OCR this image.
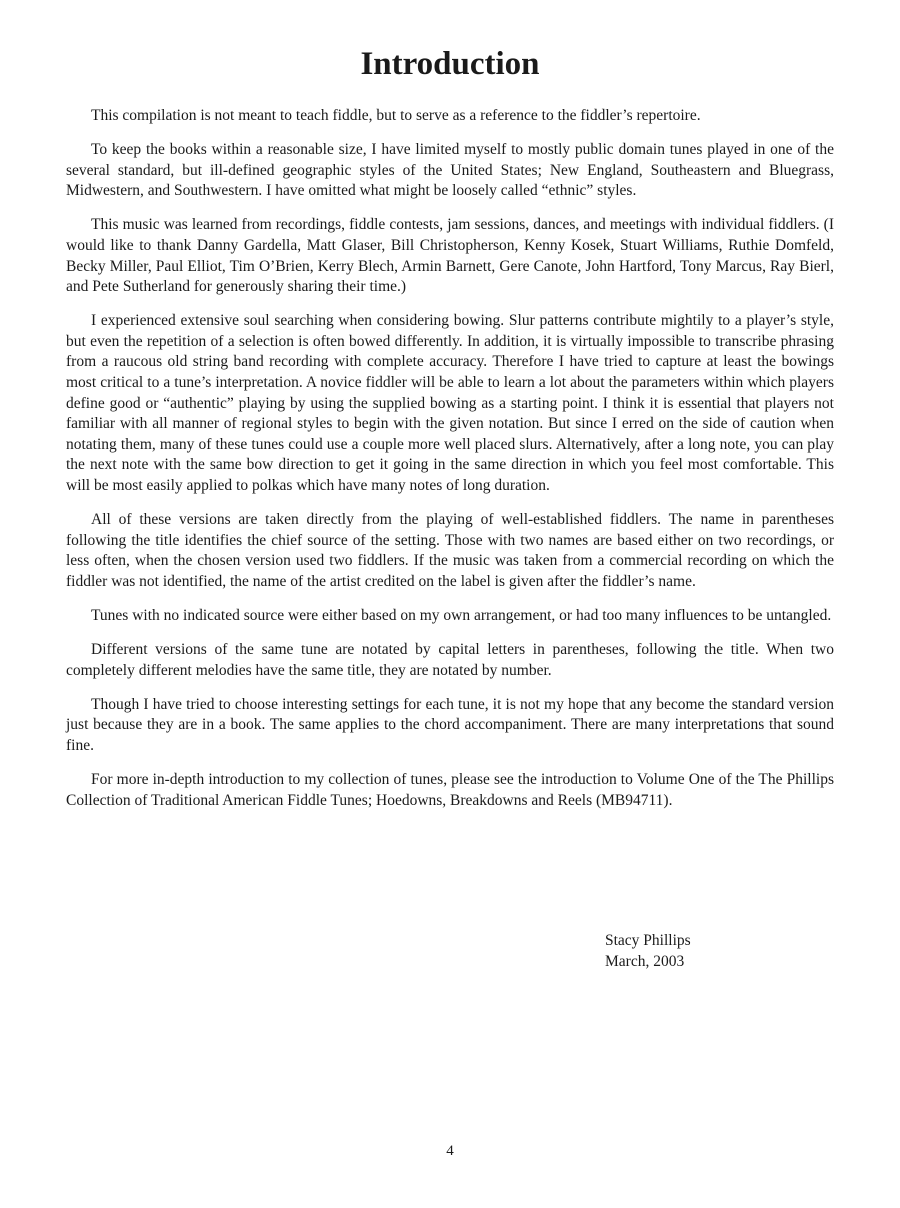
Introduction

This compilation is not meant to teach fiddle, but to serve as a reference to the fiddler’s repertoire.

To keep the books within a reasonable size, I have limited myself to mostly public domain tunes played in one of the several standard, but ill-defined geographic styles of the United States; New England, Southeastern and Bluegrass, Midwestern, and Southwestern. I have omitted what might be loosely called “ethnic” styles.

This music was learned from recordings, fiddle contests, jam sessions, dances, and meetings with individual fiddlers. (I would like to thank Danny Gardella, Matt Glaser, Bill Christopherson, Kenny Kosek, Stuart Williams, Ruthie Domfeld, Becky Miller, Paul Elliot, Tim O’Brien, Kerry Blech, Armin Barnett, Gere Canote, John Hartford, Tony Marcus, Ray Bierl, and Pete Sutherland for generously sharing their time.)

I experienced extensive soul searching when considering bowing. Slur patterns contribute mightily to a player’s style, but even the repetition of a selection is often bowed differently. In addition, it is virtually impossible to transcribe phrasing from a raucous old string band recording with complete accuracy. Therefore I have tried to capture at least the bowings most critical to a tune’s interpretation. A novice fiddler will be able to learn a lot about the parameters within which players define good or “authentic” playing by using the supplied bowing as a starting point. I think it is essential that players not familiar with all manner of regional styles to begin with the given notation. But since I erred on the side of caution when notating them, many of these tunes could use a couple more well placed slurs. Alternatively, after a long note, you can play the next note with the same bow direction to get it going in the same direction in which you feel most comfortable. This will be most easily applied to polkas which have many notes of long duration.

All of these versions are taken directly from the playing of well-established fiddlers. The name in parentheses following the title identifies the chief source of the setting. Those with two names are based either on two recordings, or less often, when the chosen version used two fiddlers. If the music was taken from a commercial recording on which the fiddler was not identified, the name of the artist credited on the label is given after the fiddler’s name.

Tunes with no indicated source were either based on my own arrangement, or had too many influences to be untangled.

Different versions of the same tune are notated by capital letters in parentheses, following the title. When two completely different melodies have the same title, they are notated by number.

Though I have tried to choose interesting settings for each tune, it is not my hope that any become the standard version just because they are in a book. The same applies to the chord accompaniment. There are many interpretations that sound fine.

For more in-depth introduction to my collection of tunes, please see the introduction to Volume One of the The Phillips Collection of Traditional American Fiddle Tunes; Hoedowns, Breakdowns and Reels (MB94711).

Stacy Phillips
March, 2003
4
